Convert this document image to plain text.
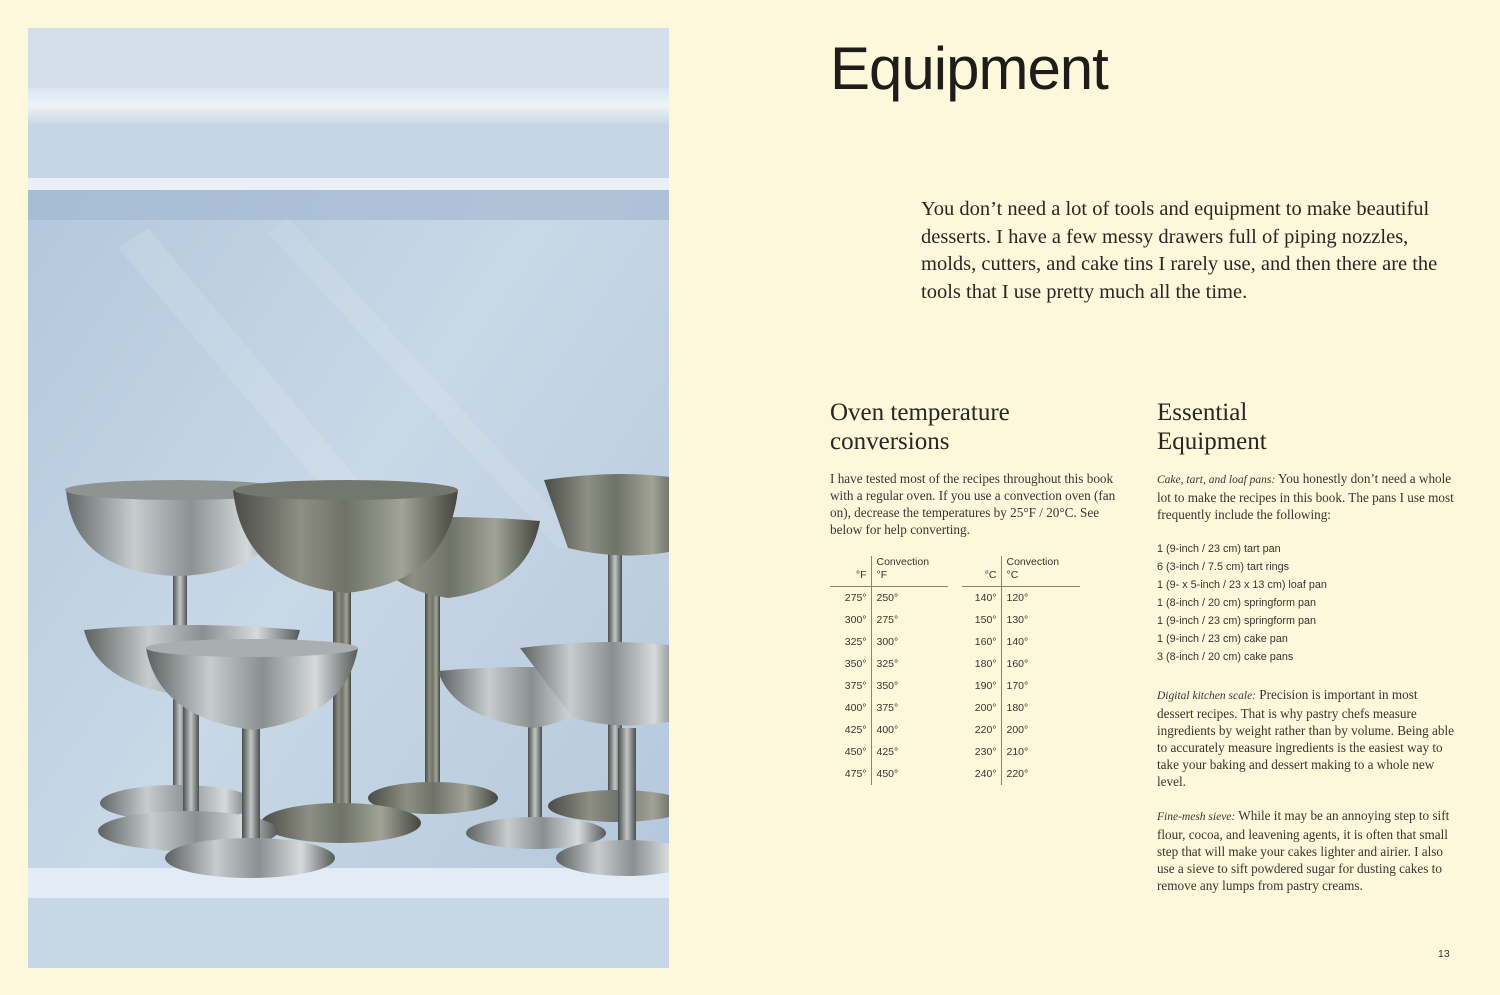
Equipment

You don’t need a lot of tools and equipment to make beautiful desserts. I have a few messy drawers full of piping nozzles, molds, cutters, and cake tins I rarely use, and then there are the tools that I use pretty much all the time.

Oven temperature
conversions
Essential
Equipment

I have tested most of the recipes throughout this book with a regular oven. If you use a convection oven (fan on), decrease the temperatures by 25°F / 20°C. See below for help converting.

°F	Convection
°F
275°	250°
300°	275°
325°	300°
350°	325°
375°	350°
400°	375°
425°	400°
450°	425°
475°	450°
°C	Convection
°C
140°	120°
150°	130°
160°	140°
180°	160°
190°	170°
200°	180°
220°	200°
230°	210°
240°	220°

Cake, tart, and loaf pans: You honestly don’t need a whole lot to make the recipes in this book. The pans I use most frequently include the following:

1 (9-inch / 23 cm) tart pan
6 (3-inch / 7.5 cm) tart rings
1 (9- x 5-inch / 23 x 13 cm) loaf pan
1 (8-inch / 20 cm) springform pan
1 (9-inch / 23 cm) springform pan
1 (9-inch / 23 cm) cake pan
3 (8-inch / 20 cm) cake pans

Digital kitchen scale: Precision is important in most dessert recipes. That is why pastry chefs measure ingredients by weight rather than by volume. Being able to accurately measure ingredients is the easiest way to take your baking and dessert making to a whole new level.

Fine-mesh sieve: While it may be an annoying step to sift flour, cocoa, and leavening agents, it is often that small step that will make your cakes lighter and airier. I also use a sieve to sift powdered sugar for dusting cakes to remove any lumps from pastry creams.

13
